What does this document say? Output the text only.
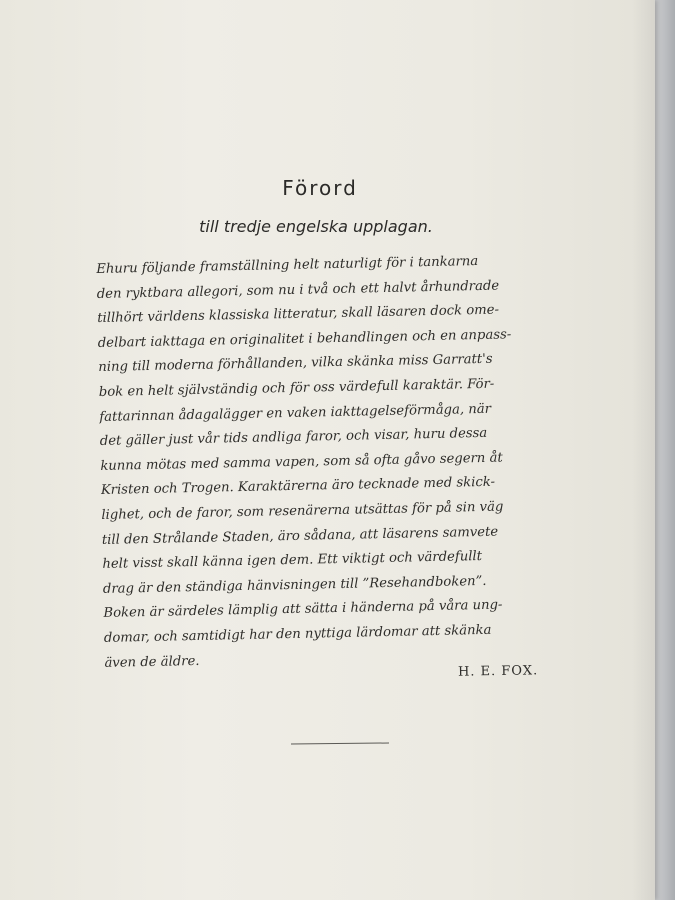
Förord
till tredje engelska upplagan.
Ehuru följande framställning helt naturligt för i tankarna
den ryktbara allegori, som nu i två och ett halvt århundrade
tillhört världens klassiska litteratur, skall läsaren dock ome-
delbart iakttaga en originalitet i behandlingen och en anpass-
ning till moderna förhållanden, vilka skänka miss Garratt's
bok en helt självständig och för oss värdefull karaktär. För-
fattarinnan ådagalägger en vaken iakttagelseförmåga, när
det gäller just vår tids andliga faror, och visar, huru dessa
kunna mötas med samma vapen, som så ofta gåvo segern åt
Kristen och Trogen. Karaktärerna äro tecknade med skick-
lighet, och de faror, som resenärerna utsättas för på sin väg
till den Strålande Staden, äro sådana, att läsarens samvete
helt visst skall känna igen dem. Ett viktigt och värdefullt
drag är den ständiga hänvisningen till ”Resehandboken”.
Boken är särdeles lämplig att sätta i händerna på våra ung-
domar, och samtidigt har den nyttiga lärdomar att skänka
även de äldre.
H. E. FOX.
